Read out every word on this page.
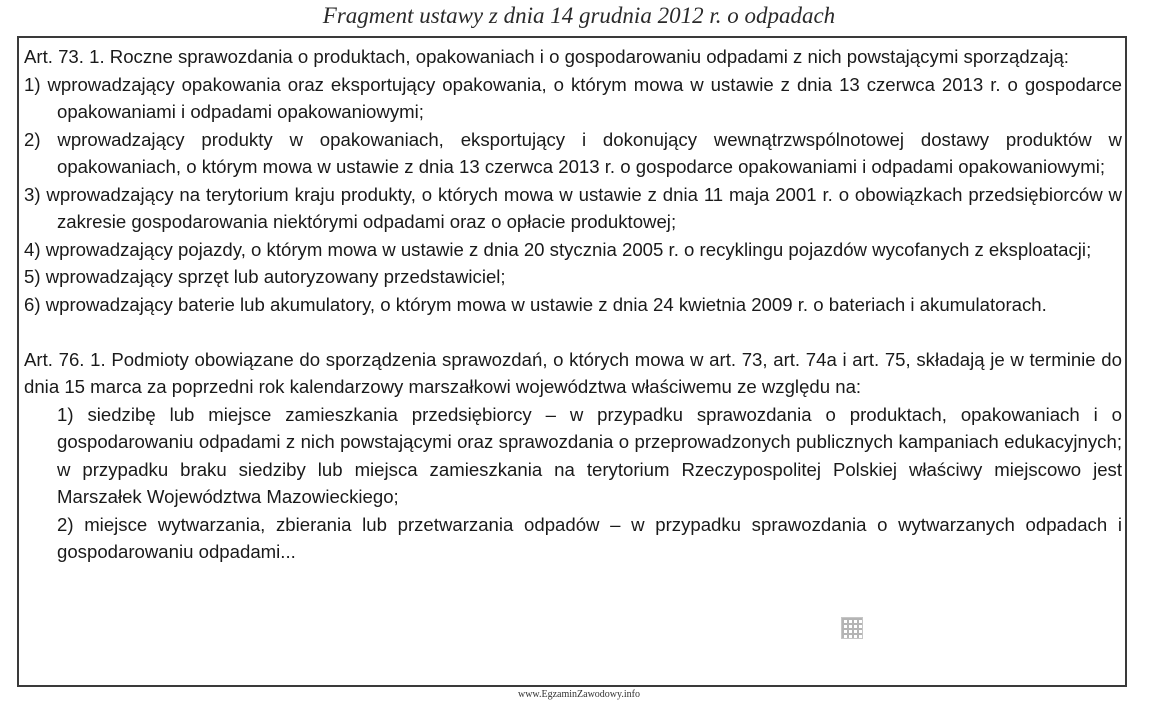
Fragment ustawy z dnia 14 grudnia 2012 r. o odpadach

Art. 73. 1. Roczne sprawozdania o produktach, opakowaniach i o gospodarowaniu odpadami z nich powstającymi sporządzają:

1) wprowadzający opakowania oraz eksportujący opakowania, o którym mowa w ustawie z dnia 13 czerwca 2013 r. o gospodarce opakowaniami i odpadami opakowaniowymi;

2) wprowadzający produkty w opakowaniach, eksportujący i dokonujący wewnątrzwspólnotowej dostawy produktów w opakowaniach, o którym mowa w ustawie z dnia 13 czerwca 2013 r. o gospodarce opakowaniami i odpadami opakowaniowymi;

3) wprowadzający na terytorium kraju produkty, o których mowa w ustawie z dnia 11 maja 2001 r. o obowiązkach przedsiębiorców w zakresie gospodarowania niektórymi odpadami oraz o opłacie produktowej;

4) wprowadzający pojazdy, o którym mowa w ustawie z dnia 20 stycznia 2005 r. o recyklingu pojazdów wycofanych z eksploatacji;

5) wprowadzający sprzęt lub autoryzowany przedstawiciel;

6) wprowadzający baterie lub akumulatory, o którym mowa w ustawie z dnia 24 kwietnia 2009 r. o bateriach i akumulatorach.

Art. 76. 1. Podmioty obowiązane do sporządzenia sprawozdań, o których mowa w art. 73, art. 74a i art. 75, składają je w terminie do dnia 15 marca za poprzedni rok kalendarzowy marszałkowi województwa właściwemu ze względu na:

1) siedzibę lub miejsce zamieszkania przedsiębiorcy – w przypadku sprawozdania o produktach, opakowaniach i o gospodarowaniu odpadami z nich powstającymi oraz sprawozdania o przeprowadzonych publicznych kampaniach edukacyjnych; w przypadku braku siedziby lub miejsca zamieszkania na terytorium Rzeczypospolitej Polskiej właściwy miejscowo jest Marszałek Województwa Mazowieckiego;

2) miejsce wytwarzania, zbierania lub przetwarzania odpadów – w przypadku sprawozdania o wytwarzanych odpadach i gospodarowaniu odpadami...

www.EgzaminZawodowy.info
